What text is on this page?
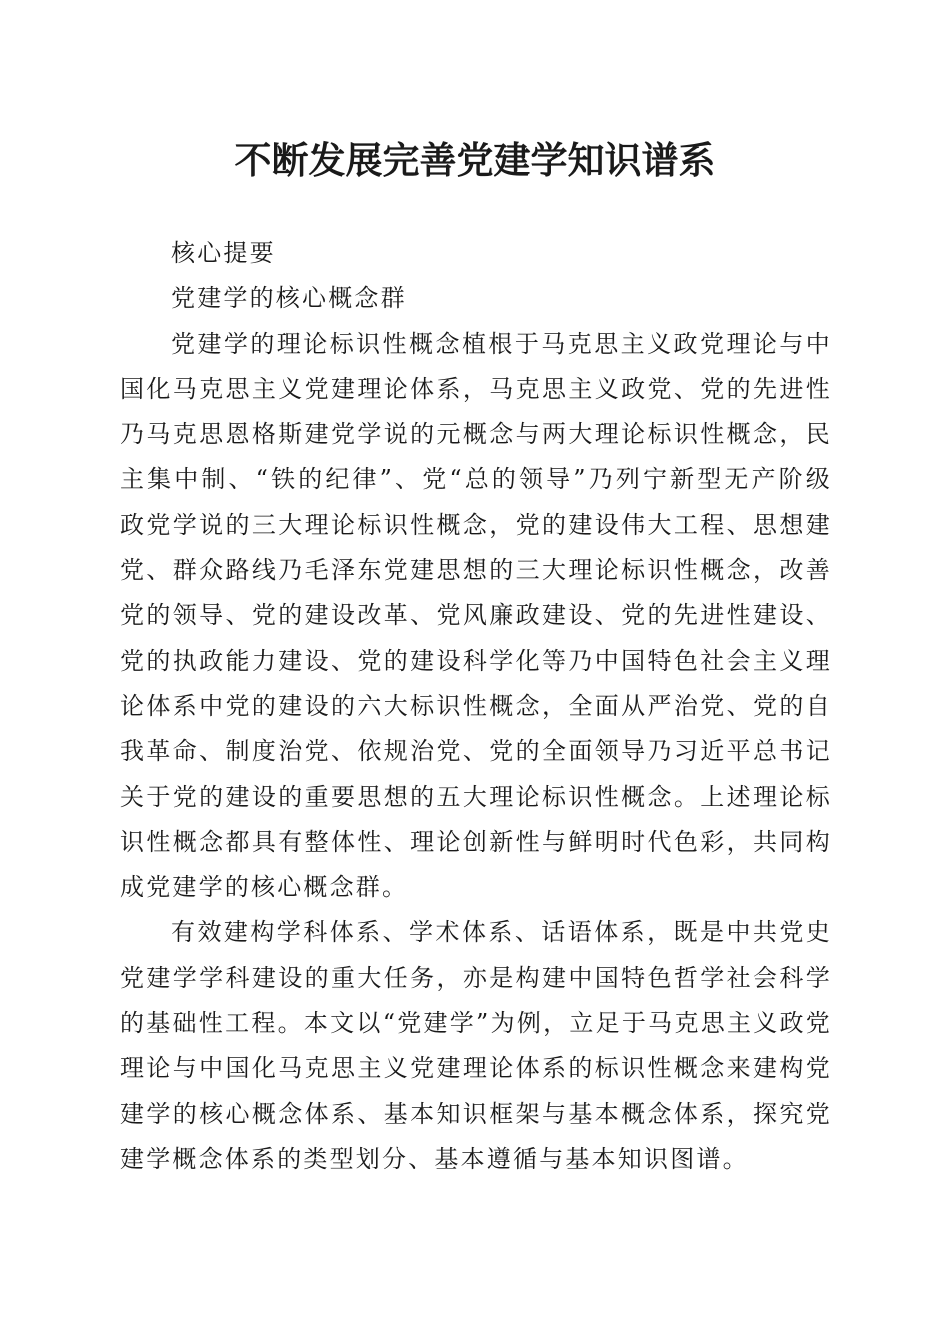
不断发展完善党建学知识谱系

核心提要

党建学的核心概念群

党建学的理论标识性概念植根于马克思主义政党理论与中国化马克思主义党建理论体系，马克思主义政党、党的先进性乃马克思恩格斯建党学说的元概念与两大理论标识性概念，民主集中制、“铁的纪律”、党“总的领导”乃列宁新型无产阶级政党学说的三大理论标识性概念，党的建设伟大工程、思想建党、群众路线乃毛泽东党建思想的三大理论标识性概念，改善党的领导、党的建设改革、党风廉政建设、党的先进性建设、党的执政能力建设、党的建设科学化等乃中国特色社会主义理论体系中党的建设的六大标识性概念，全面从严治党、党的自我革命、制度治党、依规治党、党的全面领导乃习近平总书记关于党的建设的重要思想的五大理论标识性概念。上述理论标识性概念都具有整体性、理论创新性与鲜明时代色彩，共同构成党建学的核心概念群。

有效建构学科体系、学术体系、话语体系，既是中共党史党建学学科建设的重大任务，亦是构建中国特色哲学社会科学的基础性工程。本文以“党建学”为例，立足于马克思主义政党理论与中国化马克思主义党建理论体系的标识性概念来建构党建学的核心概念体系、基本知识框架与基本概念体系，探究党建学概念体系的类型划分、基本遵循与基本知识图谱。
